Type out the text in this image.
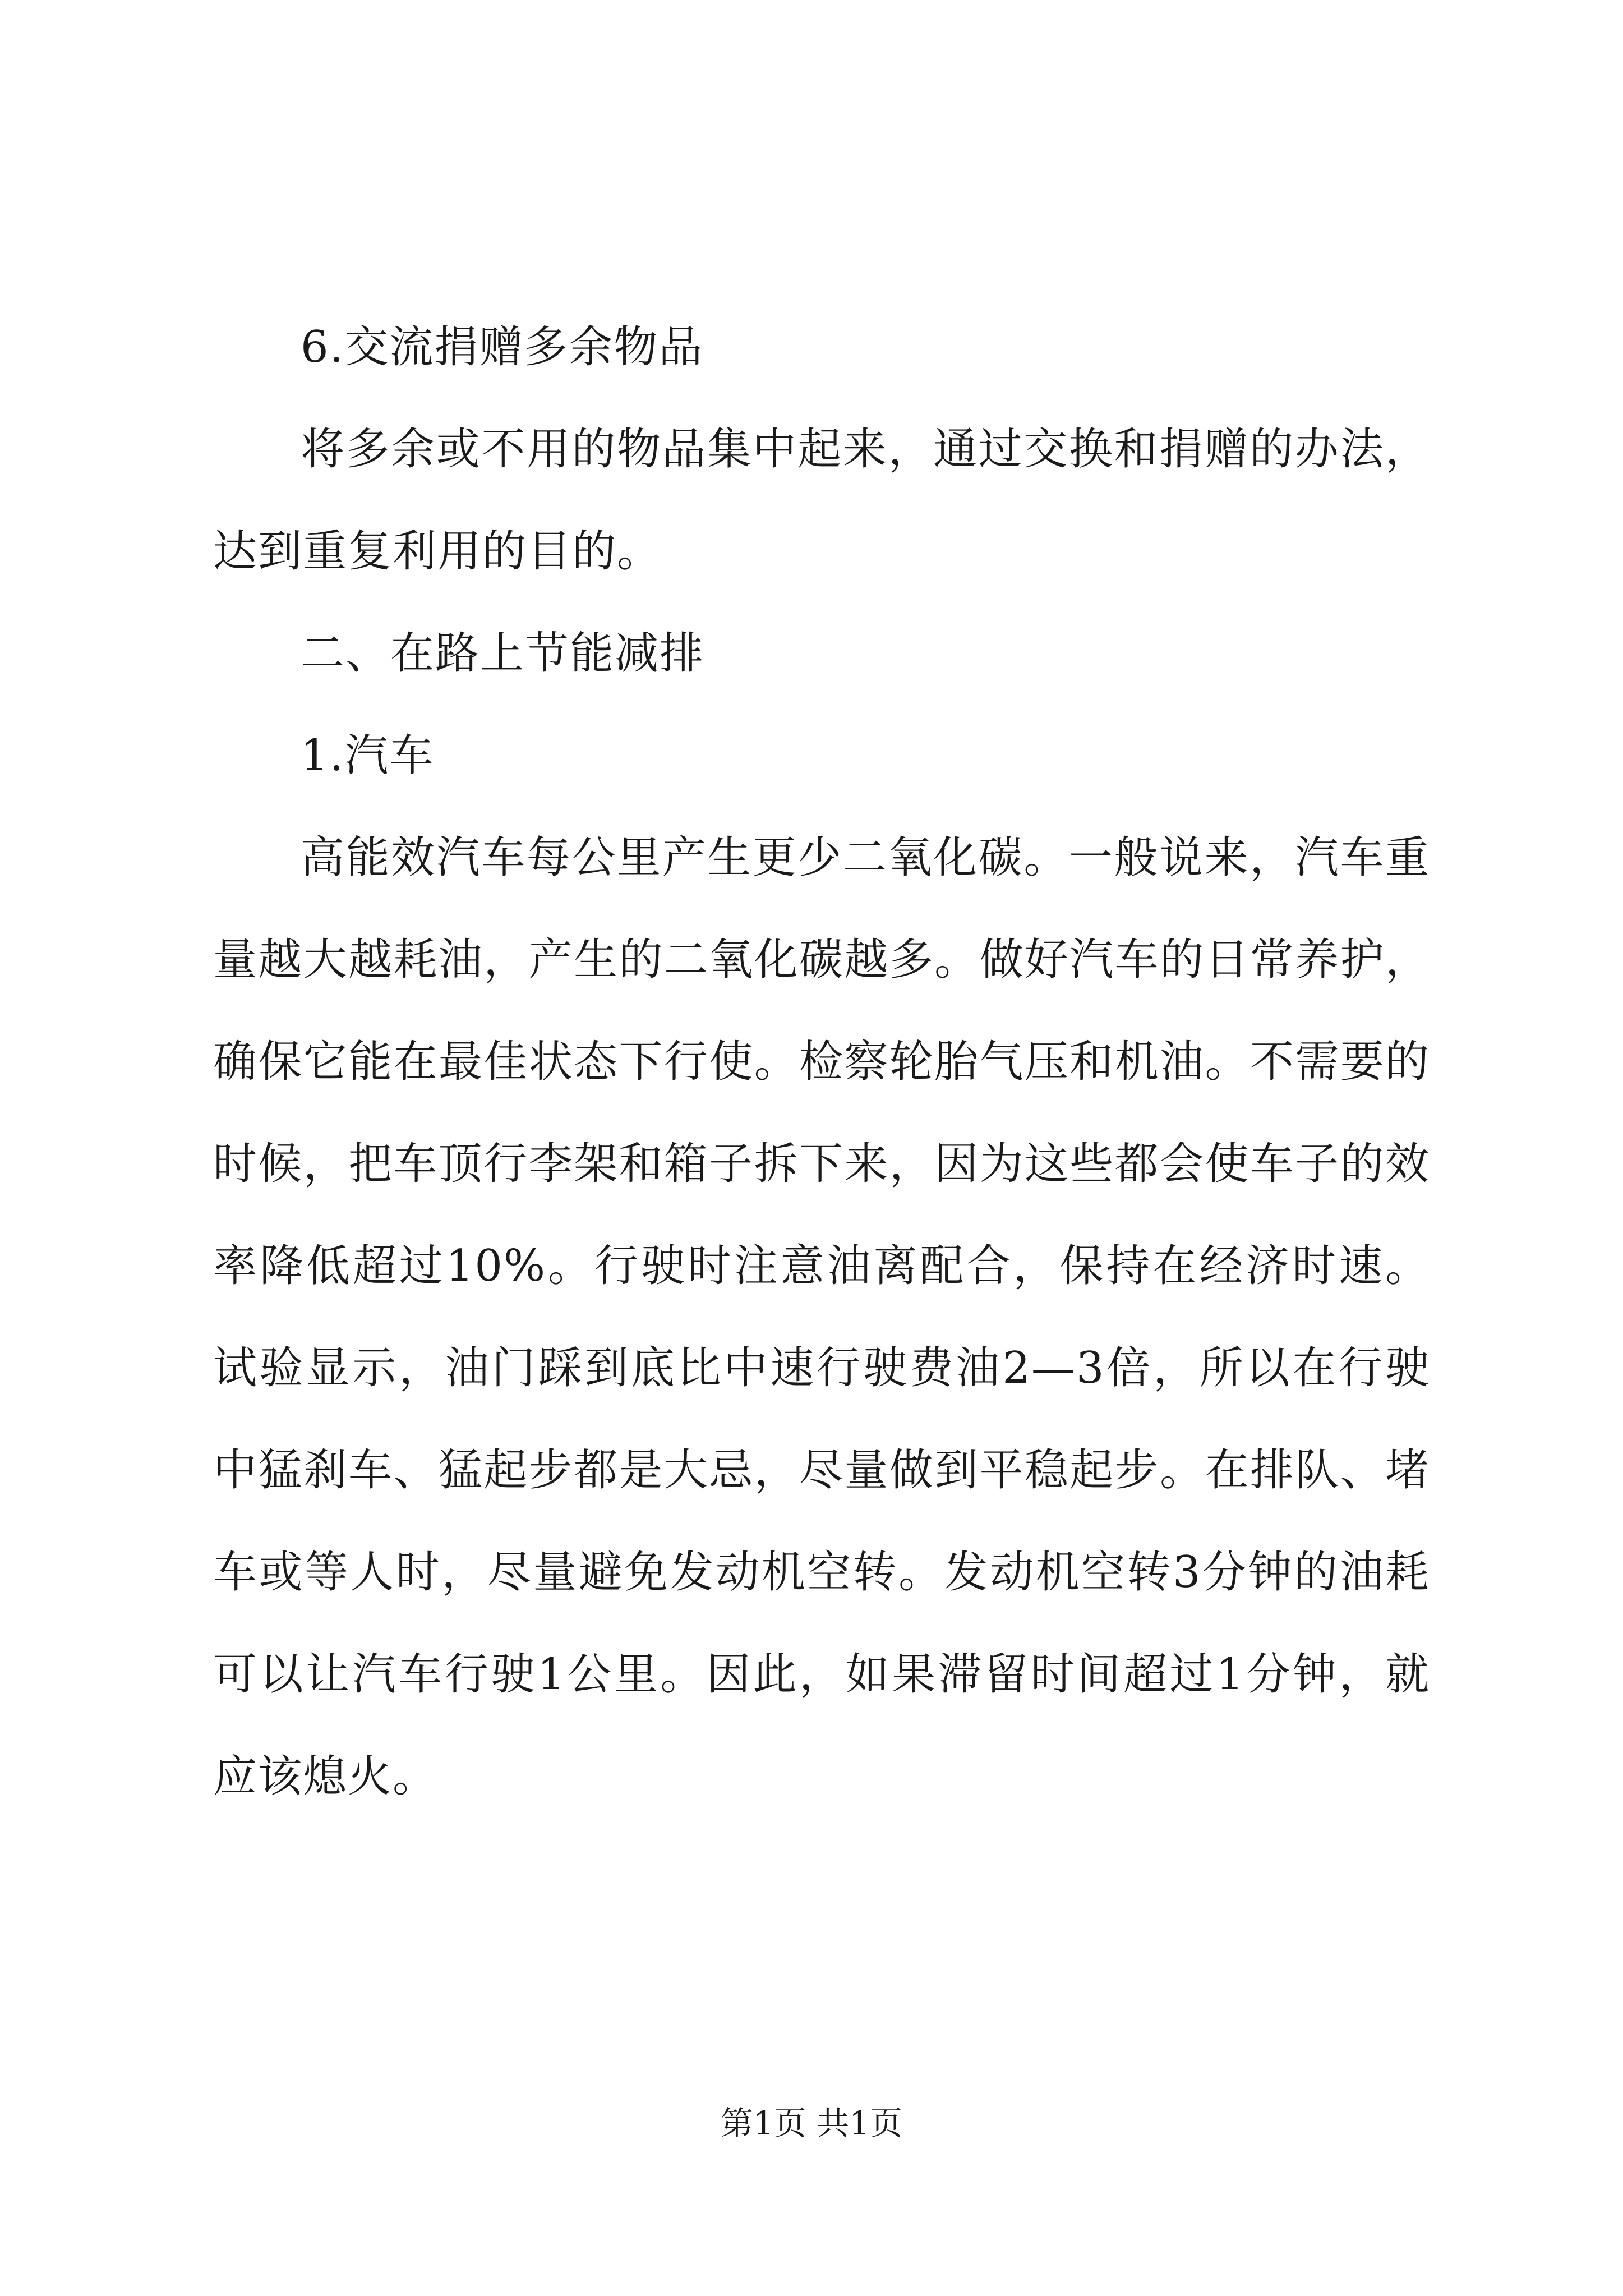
6.交流捐赠多余物品

将多余或不用的物品集中起来，通过交换和捐赠的办法，达到重复利用的目的。

二、在路上节能减排

1.汽车

高能效汽车每公里产生更少二氧化碳。一般说来，汽车重量越大越耗油，产生的二氧化碳越多。做好汽车的日常养护，确保它能在最佳状态下行使。检察轮胎气压和机油。不需要的时候，把车顶行李架和箱子拆下来，因为这些都会使车子的效率降低超过10%。行驶时注意油离配合，保持在经济时速。试验显示，油门踩到底比中速行驶费油2—3倍，所以在行驶中猛刹车、猛起步都是大忌，尽量做到平稳起步。在排队、堵车或等人时，尽量避免发动机空转。发动机空转3分钟的油耗可以让汽车行驶1公里。因此，如果滞留时间超过1分钟，就应该熄火。

第1页 共1页
